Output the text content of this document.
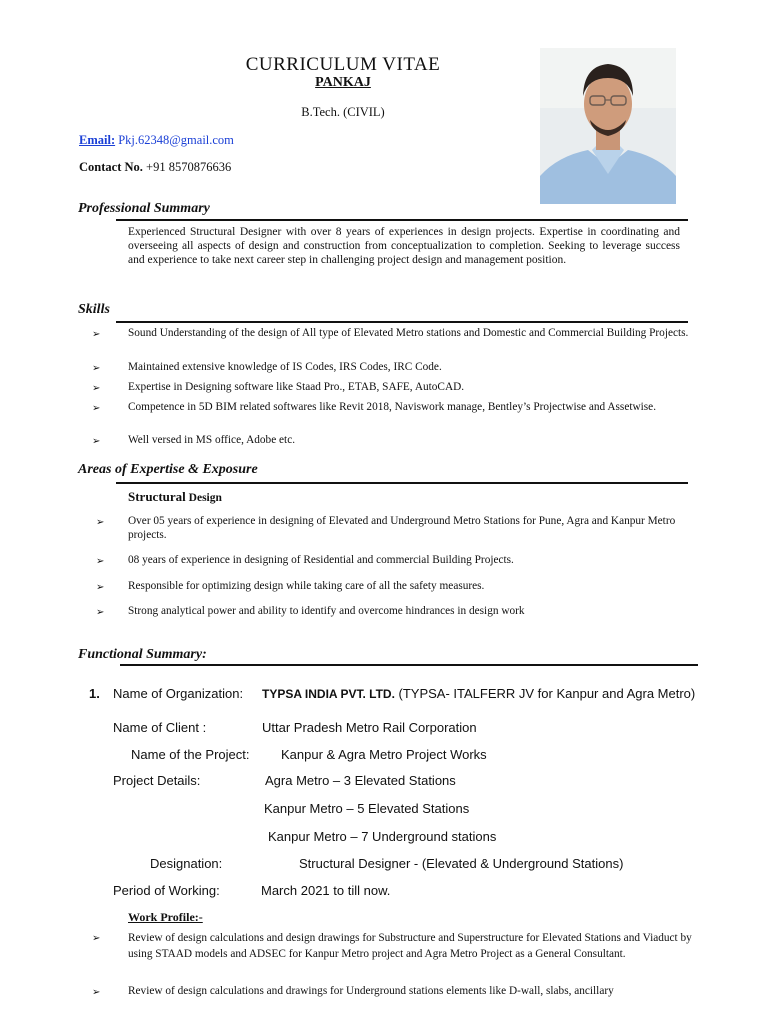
CURRICULUM VITAE
PANKAJ
B.Tech. (CIVIL)
Email: Pkj.62348@gmail.com
Contact No. +91 8570876636
Professional Summary
Experienced Structural Designer with over 8 years of experiences in design projects. Expertise in coordinating and overseeing all aspects of design and construction from conceptualization to completion. Seeking to leverage success and experience to take next career step in challenging project design and management position.
Skills
➢ Sound Understanding of the design of All type of Elevated Metro stations and Domestic and Commercial Building Projects.
➢ Maintained extensive knowledge of IS Codes, IRS Codes, IRC Code.
➢ Expertise in Designing software like Staad Pro., ETAB, SAFE, AutoCAD.
➢ Competence in 5D BIM related softwares like Revit 2018, Naviswork manage, Bentley’s Projectwise and Assetwise.
➢ Well versed in MS office, Adobe etc.
Areas of Expertise & Exposure
Structural Design
➢ Over 05 years of experience in designing of Elevated and Underground Metro Stations for Pune, Agra and Kanpur Metro projects.
➢ 08 years of experience in designing of Residential and commercial Building Projects.
➢ Responsible for optimizing design while taking care of all the safety measures.
➢ Strong analytical power and ability to identify and overcome hindrances in design work
Functional Summary:
1. Name of Organization: TYPSA INDIA PVT. LTD. (TYPSA- ITALFERR JV for Kanpur and Agra Metro)
Name of Client :	Uttar Pradesh Metro Rail Corporation
Name of the Project: Kanpur & Agra Metro Project Works
Project Details:	Agra Metro – 3 Elevated Stations
Kanpur Metro – 5 Elevated Stations
Kanpur Metro – 7 Underground stations
Designation:	Structural Designer - (Elevated & Underground Stations)
Period of Working:	March 2021 to till now.
Work Profile:-
➢ Review of design calculations and design drawings for Substructure and Superstructure for Elevated Stations and Viaduct by using STAAD models and ADSEC for Kanpur Metro project and Agra Metro Project as a General Consultant.
➢ Review of design calculations and drawings for Underground stations elements like D-wall, slabs, ancillary
